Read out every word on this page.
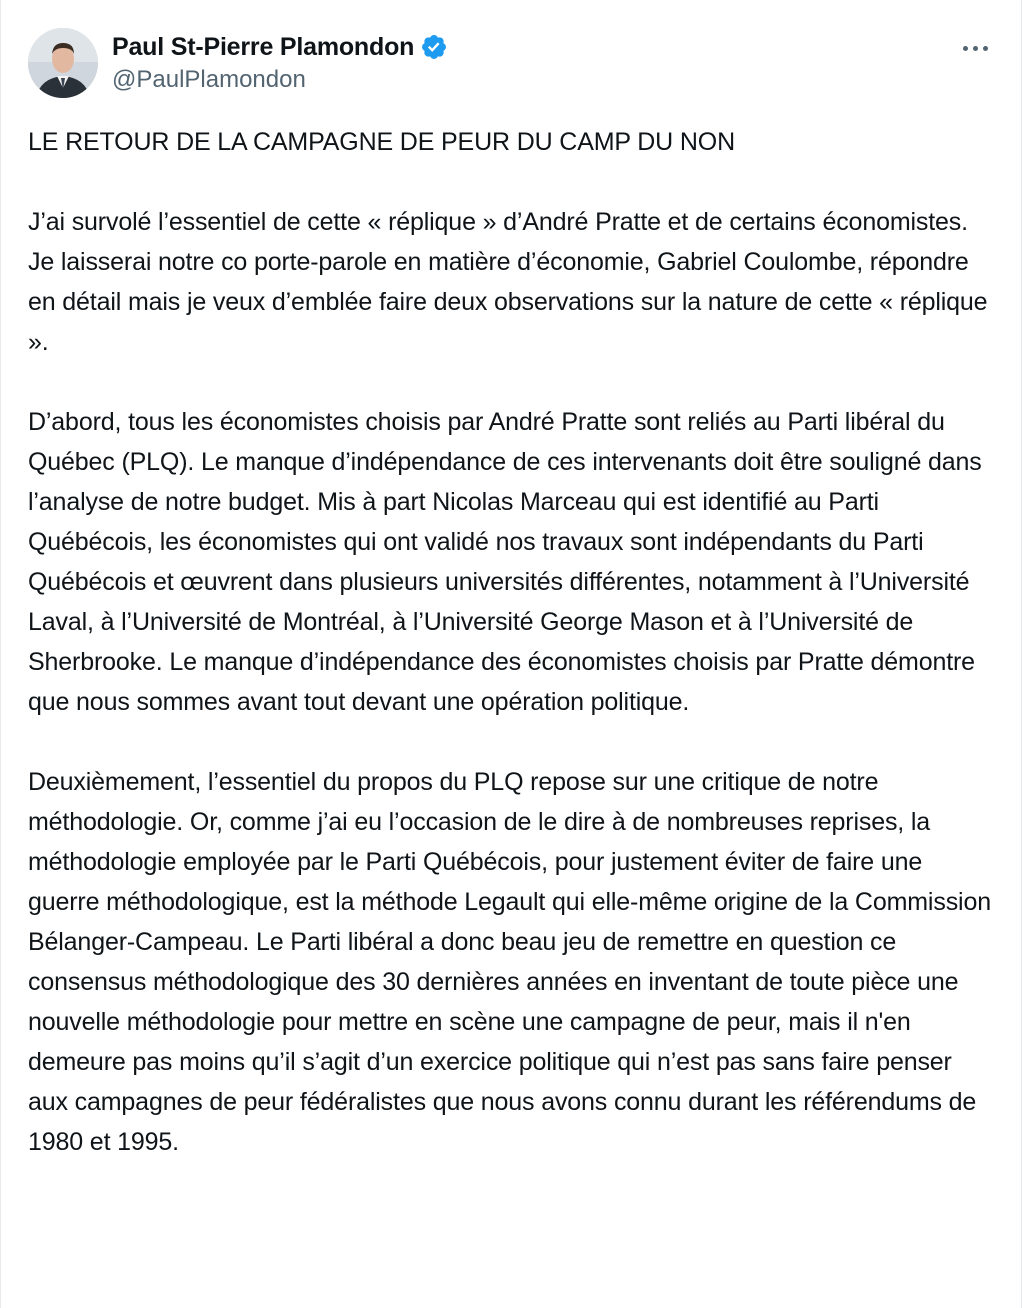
Paul St-Pierre Plamondon
@PaulPlamondon

LE RETOUR DE LA CAMPAGNE DE PEUR DU CAMP DU NON

J’ai survolé l’essentiel de cette « réplique » d’André Pratte et de certains économistes. Je laisserai notre co porte-parole en matière d’économie, Gabriel Coulombe, répondre en détail mais je veux d’emblée faire deux observations sur la nature de cette « réplique ».

D’abord, tous les économistes choisis par André Pratte sont reliés au Parti libéral du Québec (PLQ). Le manque d’indépendance de ces intervenants doit être souligné dans l’analyse de notre budget. Mis à part Nicolas Marceau qui est identifié au Parti Québécois, les économistes qui ont validé nos travaux sont indépendants du Parti Québécois et œuvrent dans plusieurs universités différentes, notamment à l’Université Laval, à l’Université de Montréal, à l’Université George Mason et à l’Université de Sherbrooke. Le manque d’indépendance des économistes choisis par Pratte démontre que nous sommes avant tout devant une opération politique.

Deuxièmement, l’essentiel du propos du PLQ repose sur une critique de notre méthodologie. Or, comme j’ai eu l’occasion de le dire à de nombreuses reprises, la méthodologie employée par le Parti Québécois, pour justement éviter de faire une guerre méthodologique, est la méthode Legault qui elle-même origine de la Commission Bélanger-Campeau. Le Parti libéral a donc beau jeu de remettre en question ce consensus méthodologique des 30 dernières années en inventant de toute pièce une nouvelle méthodologie pour mettre en scène une campagne de peur, mais il n'en demeure pas moins qu’il s’agit d’un exercice politique qui n’est pas sans faire penser aux campagnes de peur fédéralistes que nous avons connu durant les référendums de 1980 et 1995.
